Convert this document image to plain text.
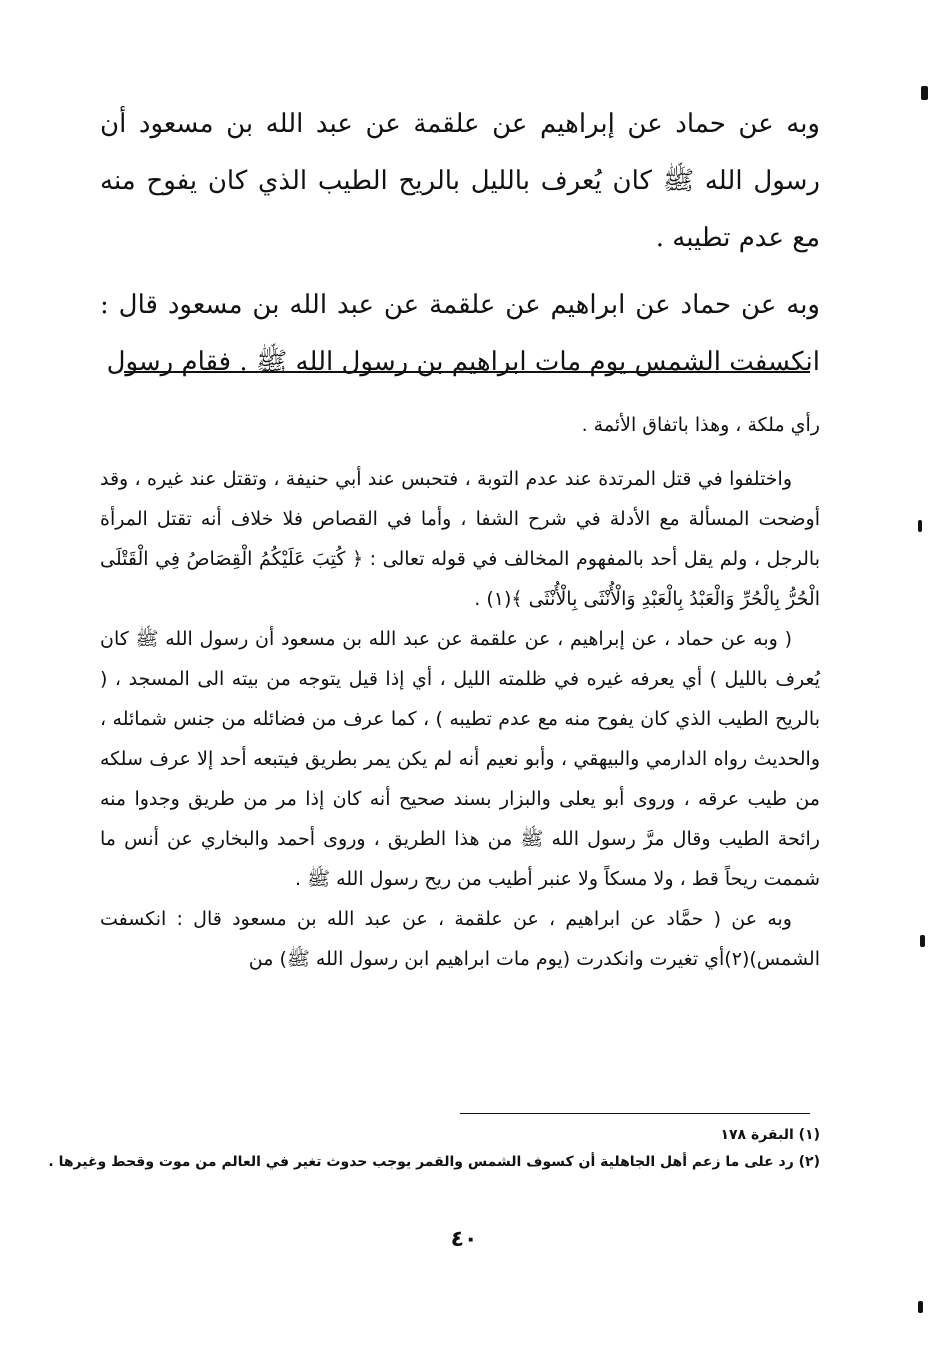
وبه عن حماد عن إبراهيم عن علقمة عن عبد الله بن مسعود أن رسول الله ﷺ كان يُعرف بالليل بالريح الطيب الذي كان يفوح منه مع عدم تطيبه .

وبه عن حماد عن ابراهيم عن علقمة عن عبد الله بن مسعود قال : انكسفت الشمس يوم مات ابراهيم بن رسول الله ﷺ . فقام رسول

رأي ملكة ، وهذا باتفاق الأئمة .

واختلفوا في قتل المرتدة عند عدم التوبة ، فتحبس عند أبي حنيفة ، وتقتل عند غيره ، وقد أوضحت المسألة مع الأدلة في شرح الشفا ، وأما في القصاص فلا خلاف أنه تقتل المرأة بالرجل ، ولم يقل أحد بالمفهوم المخالف في قوله تعالى : ﴿ كُتِبَ عَلَيْكُمُ الْقِصَاصُ فِي الْقَتْلَى الْحُرُّ بِالْحُرِّ وَالْعَبْدُ بِالْعَبْدِ وَالْأُنْثَى بِالْأُنْثَى ﴾(١) .

( وبه عن حماد ، عن إبراهيم ، عن علقمة عن عبد الله بن مسعود أن رسول الله ﷺ كان يُعرف بالليل ) أي يعرفه غيره في ظلمته الليل ، أي إذا قيل يتوجه من بيته الى المسجد ، ( بالريح الطيب الذي كان يفوح منه مع عدم تطيبه ) ، كما عرف من فضائله من جنس شمائله ، والحديث رواه الدارمي والبيهقي ، وأبو نعيم أنه لم يكن يمر بطريق فيتبعه أحد إلا عرف سلكه من طيب عرقه ، وروى أبو يعلى والبزار بسند صحيح أنه كان إذا مر من طريق وجدوا منه رائحة الطيب وقال مرَّ رسول الله ﷺ من هذا الطريق ، وروى أحمد والبخاري عن أنس ما شممت ريحاً قط ، ولا مسكاً ولا عنبر أطيب من ريح رسول الله ﷺ .

وبه عن ( حمَّاد عن ابراهيم ، عن علقمة ، عن عبد الله بن مسعود قال : انكسفت الشمس)(٢)أي تغيرت وانكدرت (يوم مات ابراهيم ابن رسول الله ﷺ) من

(١) البقرة ١٧٨
(٢) رد على ما زعم أهل الجاهلية أن كسوف الشمس والقمر يوجب حدوث تغير في العالم من موت وقحط وغيرها .
٤٠
